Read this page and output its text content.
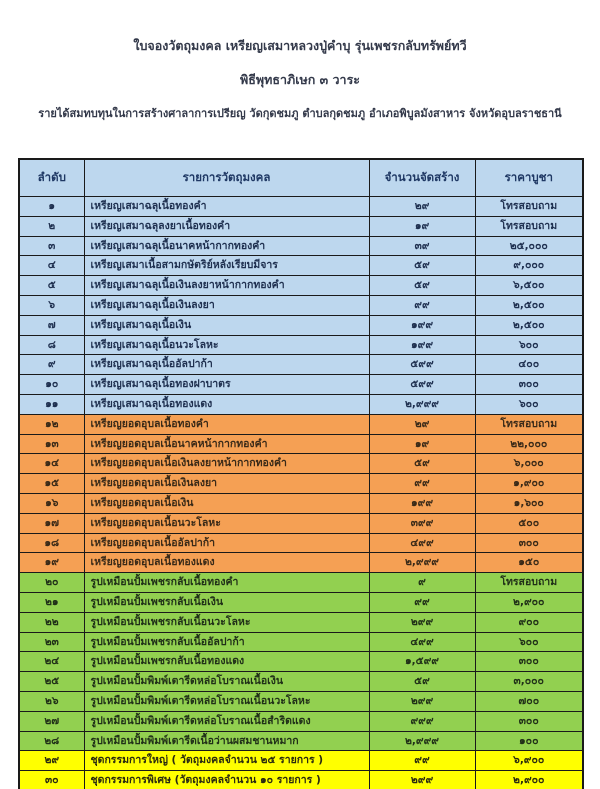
ใบจองวัตถุมงคล เหรียญเสมาหลวงปู่คำบุ รุ่นเพชรกลับทรัพย์ทวี
พิธีพุทธาภิเษก ๓ วาระ
รายได้สมทบทุนในการสร้างศาลาการเปรียญ วัดกุดชมภู ตำบลกุดชมภู อำเภอพิบูลมังสาหาร จังหวัดอุบลราชธานี
ลำดับ	รายการวัตถุมงคล	จำนวนจัดสร้าง	ราคาบูชา
๑	เหรียญเสมาฉลุเนื้อทองคำ	๒๙	โทรสอบถาม
๒	เหรียญเสมาฉลุลงยาเนื้อทองคำ	๑๙	โทรสอบถาม
๓	เหรียญเสมาฉลุเนื้อนาคหน้ากากทองคำ	๓๙	๒๕,๐๐๐
๔	เหรียญเสมาเนื้อสามกษัตริย์หลังเรียบมีจาร	๕๙	๙,๐๐๐
๕	เหรียญเสมาฉลุเนื้อเงินลงยาหน้ากากทองคำ	๕๙	๖,๕๐๐
๖	เหรียญเสมาฉลุเนื้อเงินลงยา	๙๙	๒,๕๐๐
๗	เหรียญเสมาฉลุเนื้อเงิน	๑๙๙	๒,๕๐๐
๘	เหรียญเสมาฉลุเนื้อนวะโลหะ	๑๙๙	๖๐๐
๙	เหรียญเสมาฉลุเนื้ออัลปาก้า	๕๙๙	๔๐๐
๑๐	เหรียญเสมาฉลุเนื้อทองฝาบาตร	๕๙๙	๓๐๐
๑๑	เหรียญเสมาฉลุเนื้อทองแดง	๒,๙๙๙	๖๐๐
๑๒	เหรียญยอดอุบลเนื้อทองคำ	๒๙	โทรสอบถาม
๑๓	เหรียญยอดอุบลเนื้อนาคหน้ากากทองคำ	๑๙	๒๒,๐๐๐
๑๔	เหรียญยอดอุบลเนื้อเงินลงยาหน้ากากทองคำ	๕๙	๖,๐๐๐
๑๕	เหรียญยอดอุบลเนื้อเงินลงยา	๙๙	๑,๙๐๐
๑๖	เหรียญยอดอุบลเนื้อเงิน	๑๙๙	๑,๖๐๐
๑๗	เหรียญยอดอุบลเนื้อนวะโลหะ	๓๙๙	๕๐๐
๑๘	เหรียญยอดอุบลเนื้ออัลปาก้า	๔๙๙	๓๐๐
๑๙	เหรียญยอดอุบลเนื้อทองแดง	๒,๙๙๙	๑๕๐
๒๐	รูปเหมือนปั้มเพชรกลับเนื้อทองคำ	๙	โทรสอบถาม
๒๑	รูปเหมือนปั้มเพชรกลับเนื้อเงิน	๙๙	๒,๙๐๐
๒๒	รูปเหมือนปั้มเพชรกลับเนื้อนวะโลหะ	๒๙๙	๙๐๐
๒๓	รูปเหมือนปั้มเพชรกลับเนื้ออัลปาก้า	๔๙๙	๖๐๐
๒๔	รูปเหมือนปั้มเพชรกลับเนื้อทองแดง	๑,๕๙๙	๓๐๐
๒๕	รูปเหมือนปั้มพิมพ์เตารีดหล่อโบราณเนื้อเงิน	๕๙	๓,๐๐๐
๒๖	รูปเหมือนปั้มพิมพ์เตารีดหล่อโบราณเนื้อนวะโลหะ	๒๙๙	๗๐๐
๒๗	รูปเหมือนปั้มพิมพ์เตารีดหล่อโบราณเนื้อสำริดแดง	๙๙๙	๓๐๐
๒๘	รูปเหมือนปั้มพิมพ์เตารีดเนื้อว่านผสมชานหมาก	๒,๙๙๙	๑๐๐
๒๙	ชุดกรรมการใหญ่ ( วัตถุมงคลจำนวน ๒๕ รายการ )	๙๙	๖,๙๐๐
๓๐	ชุดกรรมการพิเศษ (วัตถุมงคลจำนวน ๑๐ รายการ )	๒๙๙	๒,๙๐๐
